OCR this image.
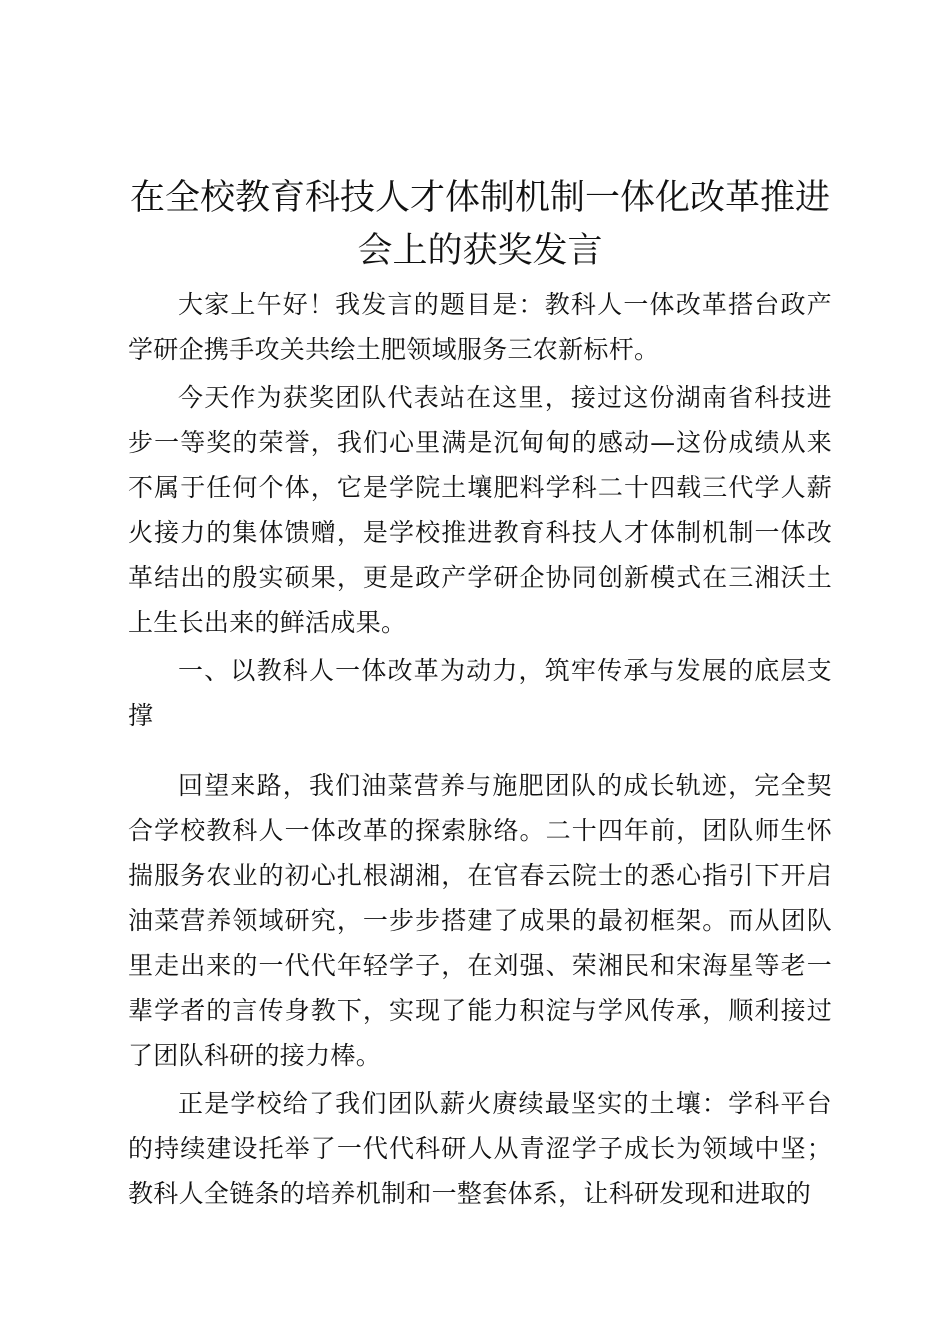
在全校教育科技人才体制机制一体化改革推进
会上的获奖发言

大家上午好！我发言的题目是：教科人一体改革搭台政产学研企携手攻关共绘土肥领域服务三农新标杆。

今天作为获奖团队代表站在这里，接过这份湖南省科技进步一等奖的荣誉，我们心里满是沉甸甸的感动—这份成绩从来不属于任何个体，它是学院土壤肥料学科二十四载三代学人薪火接力的集体馈赠，是学校推进教育科技人才体制机制一体改革结出的殷实硕果，更是政产学研企协同创新模式在三湘沃土上生长出来的鲜活成果。

一、以教科人一体改革为动力，筑牢传承与发展的底层支撑

回望来路，我们油菜营养与施肥团队的成长轨迹，完全契合学校教科人一体改革的探索脉络。二十四年前，团队师生怀揣服务农业的初心扎根湖湘，在官春云院士的悉心指引下开启油菜营养领域研究，一步步搭建了成果的最初框架。而从团队里走出来的一代代年轻学子，在刘强、荣湘民和宋海星等老一辈学者的言传身教下，实现了能力积淀与学风传承，顺利接过了团队科研的接力棒。

正是学校给了我们团队薪火赓续最坚实的土壤：学科平台的持续建设托举了一代代科研人从青涩学子成长为领域中坚；教科人全链条的培养机制和一整套体系，让科研发现和进取的
